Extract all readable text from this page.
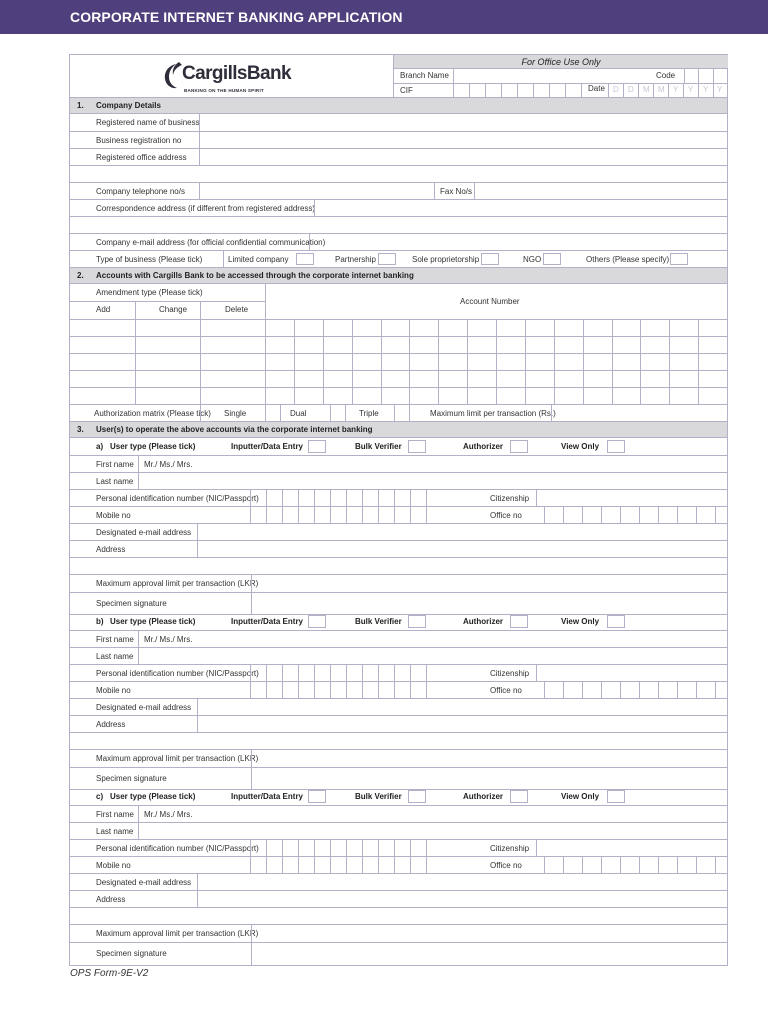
CORPORATE INTERNET BANKING APPLICATION
CargillsBank
BANKING ON THE HUMAN SPIRIT
For Office Use Only
Branch Name	Code
CIF	Date D D M M Y Y Y Y
1. Company Details
Registered name of business
Business registration no
Registered office address
Company telephone no/s	Fax No/s
Correspondence address (if different from registered address)
Company e-mail address (for official confidential communication)
Type of business (Please tick)	Limited company	Partnership	Sole proprietorship	NGO	Others (Please specify)
2. Accounts with Cargills Bank to be accessed through the corporate internet banking
Amendment type (Please tick)
Add	Change	Delete
Account Number
Authorization matrix (Please tick) Single	Dual	Triple	Maximum limit per transaction (Rs.)
3. User(s) to operate the above accounts via the corporate internet banking
a) User type (Please tick)	Inputter/Data Entry	Bulk Verifier	Authorizer	View Only
First name Mr./ Ms./ Mrs.
Last name
Personal identification number (NIC/Passport)	Citizenship
Mobile no	Office no
Designated e-mail address
Address
Maximum approval limit per transaction (LKR)
Specimen signature
b) User type (Please tick)	Inputter/Data Entry	Bulk Verifier	Authorizer	View Only
First name Mr./ Ms./ Mrs.
Last name
Personal identification number (NIC/Passport)	Citizenship
Mobile no	Office no
Designated e-mail address
Address
Maximum approval limit per transaction (LKR)
Specimen signature
c) User type (Please tick)	Inputter/Data Entry	Bulk Verifier	Authorizer	View Only
First name Mr./ Ms./ Mrs.
Last name
Personal identification number (NIC/Passport)	Citizenship
Mobile no	Office no
Designated e-mail address
Address
Maximum approval limit per transaction (LKR)
Specimen signature
OPS Form-9E-V2
